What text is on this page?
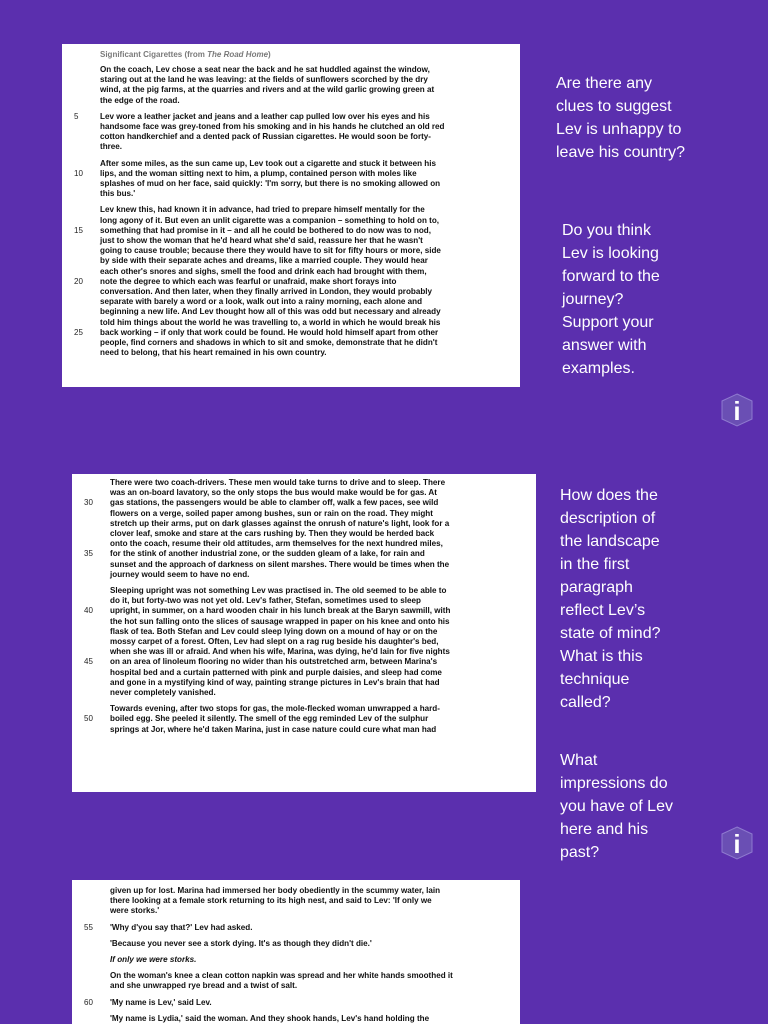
Significant Cigarettes (from The Road Home)
On the coach, Lev chose a seat near the back and he sat huddled against the window,
staring out at the land he was leaving: at the fields of sunflowers scorched by the dry
wind, at the pig farms, at the quarries and rivers and at the wild garlic growing green at
the edge of the road.
5	Lev wore a leather jacket and jeans and a leather cap pulled low over his eyes and his
handsome face was grey-toned from his smoking and in his hands he clutched an old red
cotton handkerchief and a dented pack of Russian cigarettes. He would soon be forty-
three.
After some miles, as the sun came up, Lev took out a cigarette and stuck it between his
10	lips, and the woman sitting next to him, a plump, contained person with moles like
splashes of mud on her face, said quickly: 'I'm sorry, but there is no smoking allowed on
this bus.'
Lev knew this, had known it in advance, had tried to prepare himself mentally for the
long agony of it. But even an unlit cigarette was a companion – something to hold on to,
15	something that had promise in it – and all he could be bothered to do now was to nod,
just to show the woman that he'd heard what she'd said, reassure her that he wasn't
going to cause trouble; because there they would have to sit for fifty hours or more, side
by side with their separate aches and dreams, like a married couple. They would hear
each other's snores and sighs, smell the food and drink each had brought with them,
20	note the degree to which each was fearful or unafraid, make short forays into
conversation. And then later, when they finally arrived in London, they would probably
separate with barely a word or a look, walk out into a rainy morning, each alone and
beginning a new life. And Lev thought how all of this was odd but necessary and already
told him things about the world he was travelling to, a world in which he would break his
25	back working – if only that work could be found. He would hold himself apart from other
people, find corners and shadows in which to sit and smoke, demonstrate that he didn't
need to belong, that his heart remained in his own country.
There were two coach-drivers. These men would take turns to drive and to sleep. There
was an on-board lavatory, so the only stops the bus would make would be for gas. At
30	gas stations, the passengers would be able to clamber off, walk a few paces, see wild
flowers on a verge, soiled paper among bushes, sun or rain on the road. They might
stretch up their arms, put on dark glasses against the onrush of nature's light, look for a
clover leaf, smoke and stare at the cars rushing by. Then they would be herded back
onto the coach, resume their old attitudes, arm themselves for the next hundred miles,
35	for the stink of another industrial zone, or the sudden gleam of a lake, for rain and
sunset and the approach of darkness on silent marshes. There would be times when the
journey would seem to have no end.
Sleeping upright was not something Lev was practised in. The old seemed to be able to
do it, but forty-two was not yet old. Lev's father, Stefan, sometimes used to sleep
40	upright, in summer, on a hard wooden chair in his lunch break at the Baryn sawmill, with
the hot sun falling onto the slices of sausage wrapped in paper on his knee and onto his
flask of tea. Both Stefan and Lev could sleep lying down on a mound of hay or on the
mossy carpet of a forest. Often, Lev had slept on a rag rug beside his daughter's bed,
when she was ill or afraid. And when his wife, Marina, was dying, he'd lain for five nights
45	on an area of linoleum flooring no wider than his outstretched arm, between Marina's
hospital bed and a curtain patterned with pink and purple daisies, and sleep had come
and gone in a mystifying kind of way, painting strange pictures in Lev's brain that had
never completely vanished.
Towards evening, after two stops for gas, the mole-flecked woman unwrapped a hard-
50	boiled egg. She peeled it silently. The smell of the egg reminded Lev of the sulphur
springs at Jor, where he'd taken Marina, just in case nature could cure what man had
given up for lost. Marina had immersed her body obediently in the scummy water, lain
there looking at a female stork returning to its high nest, and said to Lev: 'If only we
were storks.'
55	'Why d'you say that?' Lev had asked.
'Because you never see a stork dying. It's as though they didn't die.'
If only we were storks.
On the woman's knee a clean cotton napkin was spread and her white hands smoothed it
and she unwrapped rye bread and a twist of salt.
60	'My name is Lev,' said Lev.
'My name is Lydia,' said the woman. And they shook hands, Lev's hand holding the
Are there any
clues to suggest
Lev is unhappy to
leave his country?
Do you think
Lev is looking
forward to the
journey?
Support your
answer with
examples.
How does the
description of
the landscape
in the first
paragraph
reflect Lev’s
state of mind?
What is this
technique
called?
What
impressions do
you have of Lev
here and his
past?
i
i
